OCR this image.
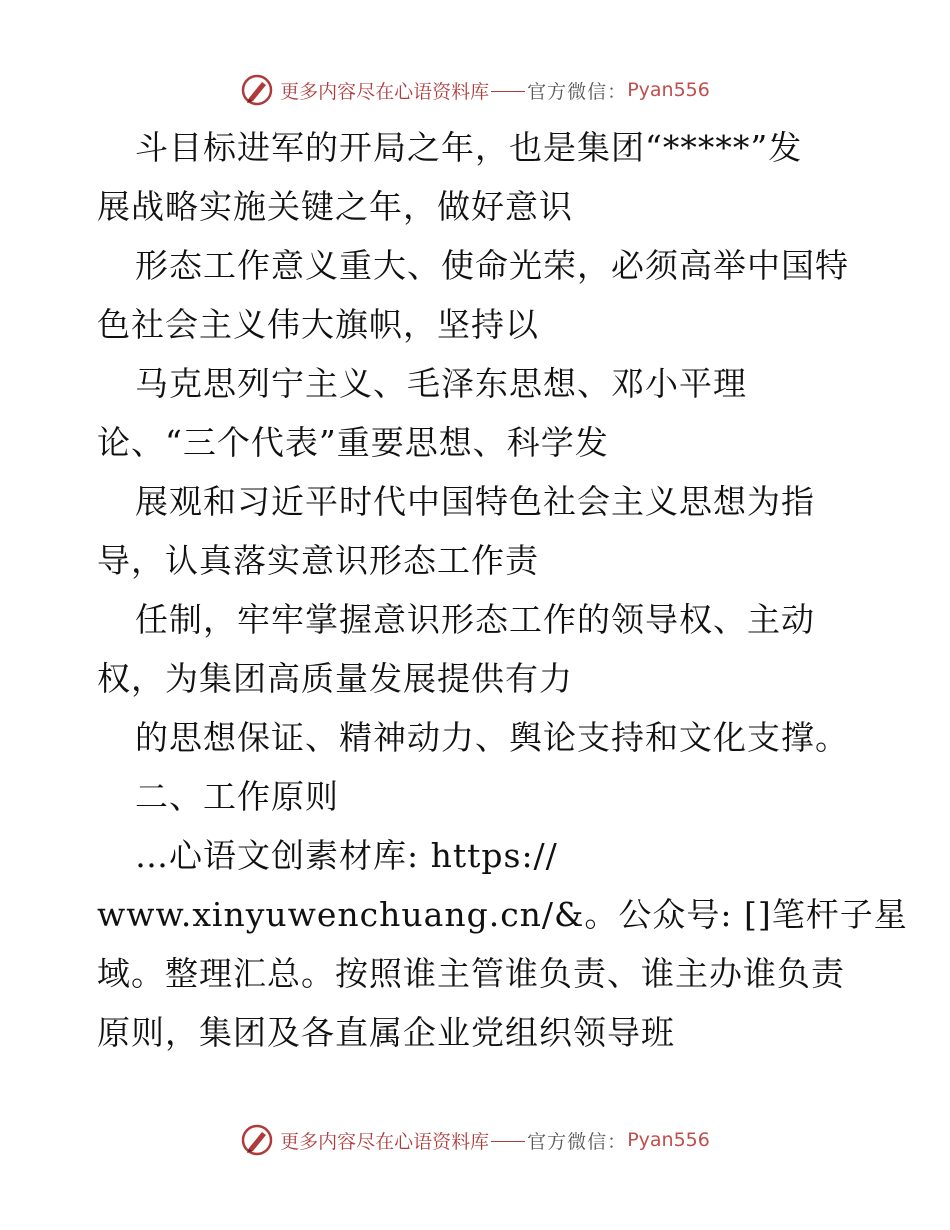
更多内容尽在心语资料库 官方微信： Pyan556
斗目标进军的开局之年，也是集团“*****”发
展战略实施关键之年，做好意识
形态工作意义重大、使命光荣，必须高举中国特
色社会主义伟大旗帜，坚持以
马克思列宁主义、毛泽东思想、邓小平理
论、“三个代表”重要思想、科学发
展观和习近平时代中国特色社会主义思想为指
导，认真落实意识形态工作责
任制，牢牢掌握意识形态工作的领导权、主动
权，为集团高质量发展提供有力
的思想保证、精神动力、舆论支持和文化支撑。
二、工作原则
…心语文创素材库: https://
www.xinyuwenchuang.cn/&。公众号: []笔杆子星
域。整理汇总。按照谁主管谁负责、谁主办谁负责
原则，集团及各直属企业党组织领导班
更多内容尽在心语资料库 官方微信： Pyan556
